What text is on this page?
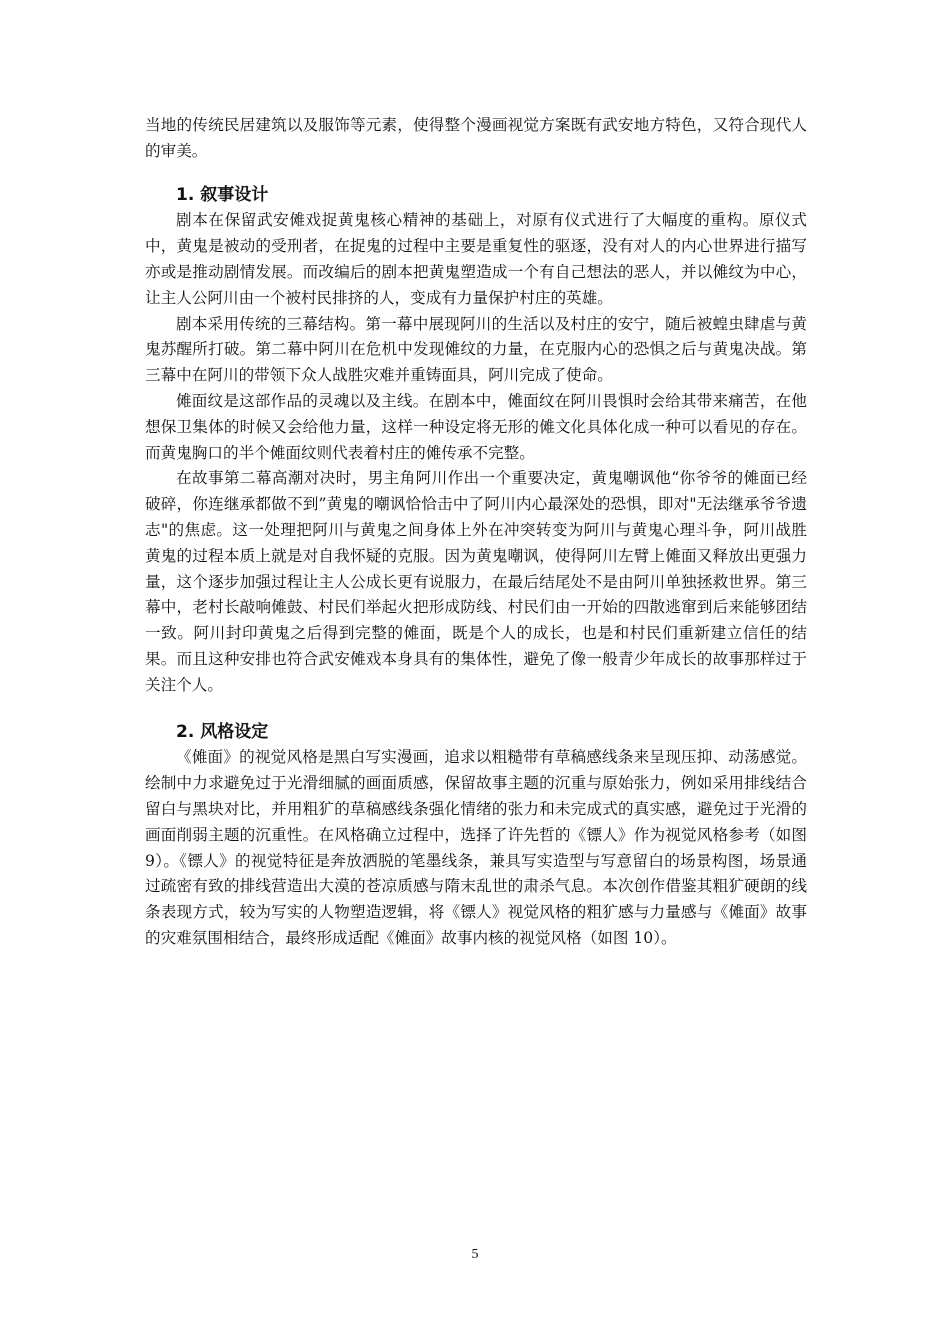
当地的传统民居建筑以及服饰等元素，使得整个漫画视觉方案既有武安地方特色，又符合现代人的审美。

1. 叙事设计

剧本在保留武安傩戏捉黄鬼核心精神的基础上，对原有仪式进行了大幅度的重构。原仪式中，黄鬼是被动的受刑者，在捉鬼的过程中主要是重复性的驱逐，没有对人的内心世界进行描写亦或是推动剧情发展。而改编后的剧本把黄鬼塑造成一个有自己想法的恶人，并以傩纹为中心，让主人公阿川由一个被村民排挤的人，变成有力量保护村庄的英雄。

剧本采用传统的三幕结构。第一幕中展现阿川的生活以及村庄的安宁，随后被蝗虫肆虐与黄鬼苏醒所打破。第二幕中阿川在危机中发现傩纹的力量，在克服内心的恐惧之后与黄鬼决战。第三幕中在阿川的带领下众人战胜灾难并重铸面具，阿川完成了使命。

傩面纹是这部作品的灵魂以及主线。在剧本中，傩面纹在阿川畏惧时会给其带来痛苦，在他想保卫集体的时候又会给他力量，这样一种设定将无形的傩文化具体化成一种可以看见的存在。而黄鬼胸口的半个傩面纹则代表着村庄的傩传承不完整。

在故事第二幕高潮对决时，男主角阿川作出一个重要决定，黄鬼嘲讽他“你爷爷的傩面已经破碎，你连继承都做不到”黄鬼的嘲讽恰恰击中了阿川内心最深处的恐惧，即对"无法继承爷爷遗志"的焦虑。这一处理把阿川与黄鬼之间身体上外在冲突转变为阿川与黄鬼心理斗争，阿川战胜黄鬼的过程本质上就是对自我怀疑的克服。因为黄鬼嘲讽，使得阿川左臂上傩面又释放出更强力量，这个逐步加强过程让主人公成长更有说服力，在最后结尾处不是由阿川单独拯救世界。第三幕中，老村长敲响傩鼓、村民们举起火把形成防线、村民们由一开始的四散逃窜到后来能够团结一致。阿川封印黄鬼之后得到完整的傩面，既是个人的成长，也是和村民们重新建立信任的结果。而且这种安排也符合武安傩戏本身具有的集体性，避免了像一般青少年成长的故事那样过于关注个人。

2. 风格设定

《傩面》的视觉风格是黑白写实漫画，追求以粗糙带有草稿感线条来呈现压抑、动荡感觉。绘制中力求避免过于光滑细腻的画面质感，保留故事主题的沉重与原始张力，例如采用排线结合留白与黑块对比，并用粗犷的草稿感线条强化情绪的张力和未完成式的真实感，避免过于光滑的画面削弱主题的沉重性。在风格确立过程中，选择了许先哲的《镖人》作为视觉风格参考（如图 9）。《镖人》的视觉特征是奔放洒脱的笔墨线条，兼具写实造型与写意留白的场景构图，场景通过疏密有致的排线营造出大漠的苍凉质感与隋末乱世的肃杀气息。本次创作借鉴其粗犷硬朗的线条表现方式，较为写实的人物塑造逻辑，将《镖人》视觉风格的粗犷感与力量感与《傩面》故事的灾难氛围相结合，最终形成适配《傩面》故事内核的视觉风格（如图 10）。

5
